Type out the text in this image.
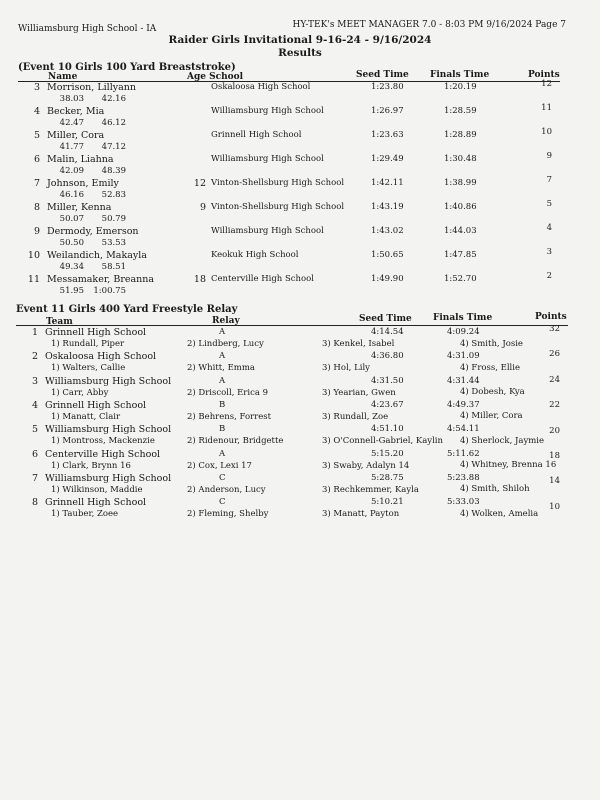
Williamsburg High School - IA	HY-TEK's MEET MANAGER 7.0 - 8:03 PM 9/16/2024 Page 7
Raider Girls Invitational 9-16-24 - 9/16/2024
Results
(Event 10 Girls 100 Yard Breaststroke)
Name	Age School	Seed Time Finals Time	Points
3 Morrison, Lillyann	Oskaloosa High School	1:23.80	1:20.19	12
38.03	42.16
4 Becker, Mia	Williamsburg High School	1:26.97	1:28.59	11
42.47	46.12
5 Miller, Cora	Grinnell High School	1:23.63	1:28.89	10
41.77	47.12
6 Malin, Liahna	Williamsburg High School	1:29.49	1:30.48	9
42.09	48.39
7 Johnson, Emily	12 Vinton-Shellsburg High School	1:42.11	1:38.99	7
46.16	52.83
8 Miller, Kenna	9 Vinton-Shellsburg High School	1:43.19	1:40.86	5
50.07	50.79
9 Dermody, Emerson	Williamsburg High School	1:43.02	1:44.03	4
50.50	53.53
10 Weilandich, Makayla	Keokuk High School	1:50.65	1:47.85	3
49.34	58.51
11 Messamaker, Breanna	18 Centerville High School	1:49.90	1:52.70	2
51.95 1:00.75
Event 11 Girls 400 Yard Freestyle Relay
Team	Relay	Seed Time Finals Time	Points
1 Grinnell High School	A	4:14.54	4:09.24	32
1) Rundall, Piper	2) Lindberg, Lucy	3) Kenkel, Isabel	4) Smith, Josie
2 Oskaloosa High School	A	4:36.80	4:31.09	26
1) Walters, Callie	2) Whitt, Emma	3) Hol, Lily	4) Fross, Ellie
3 Williamsburg High School	A	4:31.50	4:31.44	24
1) Carr, Abby	2) Driscoll, Erica 9	3) Yearian, Gwen	4) Dobesh, Kya
4 Grinnell High School	B	4:23.67	4:49.37	22
1) Manatt, Clair	2) Behrens, Forrest	3) Rundall, Zoe	4) Miller, Cora
5 Williamsburg High School	B	4:51.10	4:54.11	20
1) Montross, Mackenzie	2) Ridenour, Bridgette	3) O'Connell-Gabriel, Kaylin 4) Sherlock, Jaymie
6 Centerville High School	A	5:15.20	5:11.62	18
1) Clark, Brynn 16	2) Cox, Lexi 17	3) Swaby, Adalyn 14	4) Whitney, Brenna 16
7 Williamsburg High School	C	5:28.75	5:23.88	14
1) Wilkinson, Maddie	2) Anderson, Lucy	3) Rechkemmer, Kayla	4) Smith, Shiloh
8 Grinnell High School	C	5:10.21	5:33.03	10
1) Tauber, Zoee	2) Fleming, Shelby	3) Manatt, Payton	4) Wolken, Amelia
